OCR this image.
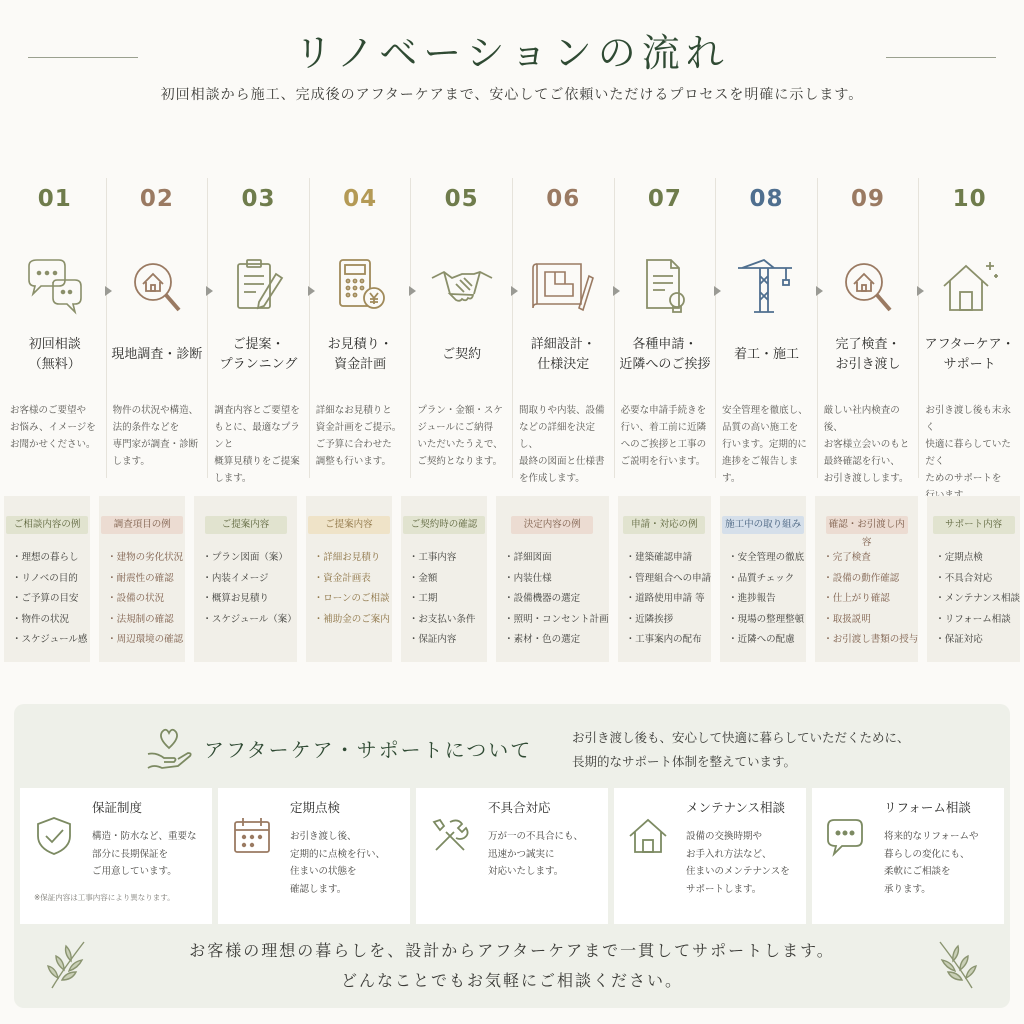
リノベーションの流れ
初回相談から施工、完成後のアフターケアまで、安心してご依頼いただけるプロセスを明確に示します。
01
初回相談
（無料）
お客様のご要望や
お悩み、イメージを
お聞かせください。
02
現地調査・診断
物件の状況や構造、
法的条件などを
専門家が調査・診断
します。
03
ご提案・
プランニング
調査内容とご要望を
もとに、最適なプランと
概算見積りをご提案
します。
04
お見積り・
資金計画
詳細なお見積りと
資金計画をご提示。
ご予算に合わせた
調整も行います。
05
ご契約
プラン・金額・スケ
ジュールにご納得
いただいたうえで、
ご契約となります。
06
詳細設計・
仕様決定
間取りや内装、設備
などの詳細を決定し、
最終の図面と仕様書
を作成します。
07
各種申請・
近隣へのご挨拶
必要な申請手続きを
行い、着工前に近隣
へのご挨拶と工事の
ご説明を行います。
08
着工・施工
安全管理を徹底し、
品質の高い施工を
行います。定期的に
進捗をご報告します。
09
完了検査・
お引き渡し
厳しい社内検査の後、
お客様立会いのもと
最終確認を行い、
お引き渡しします。
10
アフターケア・
サポート
お引き渡し後も末永く
快適に暮らしていただく
ためのサポートを

ご相談内容の例
・理想の暮らし
・リノベの目的
・ご予算の目安
・物件の状況
・スケジュール感
調査項目の例
・建物の劣化状況
・耐震性の確認
・設備の状況
・法規制の確認
・周辺環境の確認
ご提案内容
・プラン図面（案）
・内装イメージ
・概算お見積り
・スケジュール（案）
ご提案内容
・詳細お見積り
・資金計画表
・ローンのご相談
・補助金のご案内
ご契約時の確認
・工事内容
・金額
・工期
・お支払い条件
・保証内容
決定内容の例
・詳細図面
・内装仕様
・設備機器の選定
・照明・コンセント計画
・素材・色の選定
申請・対応の例
・建築確認申請
・管理組合への申請
・道路使用申請 等
・近隣挨拶
・工事案内の配布
施工中の取り組み
・安全管理の徹底
・品質チェック
・進捗報告
・現場の整理整頓
・近隣への配慮
確認・お引渡し内容
・完了検査
・設備の動作確認
・仕上がり確認
・取扱説明
・お引渡し書類の授与
サポート内容
・定期点検
・不具合対応
・メンテナンス相談
・リフォーム相談
・保証対応
アフターケア・サポートについて
お引き渡し後も、安心して快適に暮らしていただくために、
長期的なサポート体制を整えています。
保証制度
構造・防水など、重要な
部分に長期保証を
ご用意しています。
※保証内容は工事内容により異なります。
定期点検
お引き渡し後、
定期的に点検を行い、
住まいの状態を
確認します。
不具合対応
万が一の不具合にも、
迅速かつ誠実に
対応いたします。
メンテナンス相談
設備の交換時期や
お手入れ方法など、
住まいのメンテナンスを
サポートします。
リフォーム相談
将来的なリフォームや
暮らしの変化にも、
柔軟にご相談を
承ります。
お客様の理想の暮らしを、設計からアフターケアまで一貫してサポートします。
どんなことでもお気軽にご相談ください。
